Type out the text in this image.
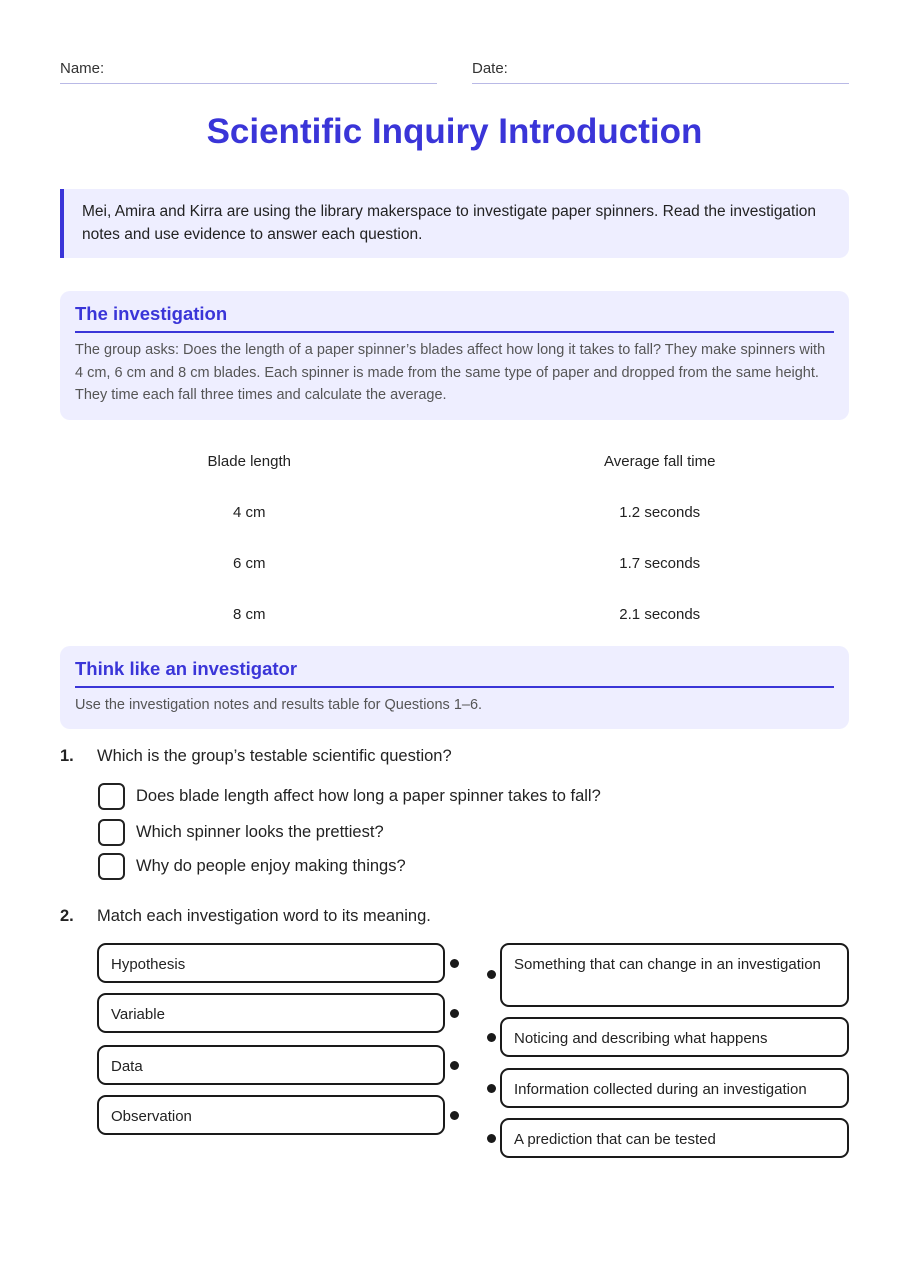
Name:	Date:
Scientific Inquiry Introduction
Mei, Amira and Kirra are using the library makerspace to investigate paper spinners. Read the investigation notes and use evidence to answer each question.
The investigation
The group asks: Does the length of a paper spinner’s blades affect how long it takes to fall? They make spinners with 4 cm, 6 cm and 8 cm blades. Each spinner is made from the same type of paper and dropped from the same height. They time each fall three times and calculate the average.
Blade length	Average fall time
4 cm	1.2 seconds
6 cm	1.7 seconds
8 cm	2.1 seconds
Think like an investigator
Use the investigation notes and results table for Questions 1–6.
1.	Which is the group’s testable scientific question?
Does blade length affect how long a paper spinner takes to fall?
Which spinner looks the prettiest?
Why do people enjoy making things?
2.	Match each investigation word to its meaning.
Hypothesis
Variable
Data
Observation
Something that can change in an investigation
Noticing and describing what happens
Information collected during an investigation
A prediction that can be tested
